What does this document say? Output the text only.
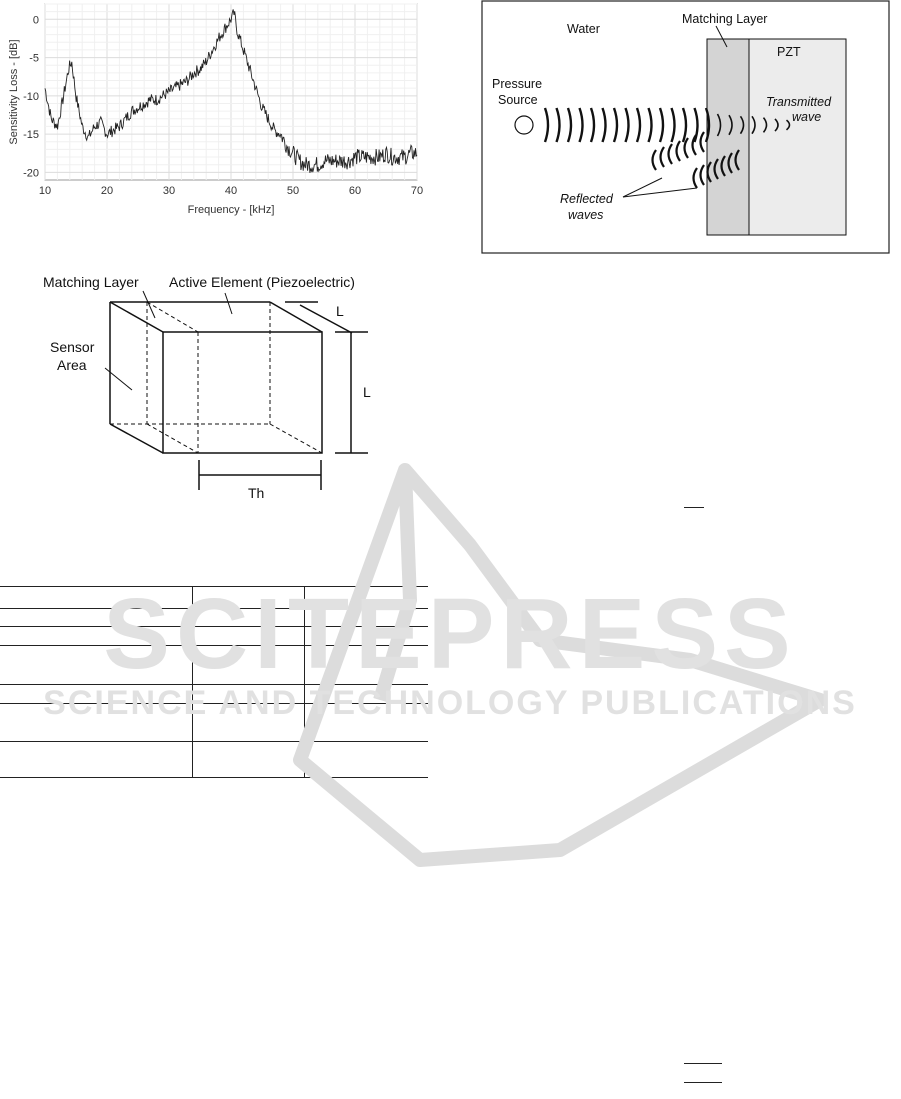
10	20	30	40	50	60	70
0
-5
-10
-15
-20
Frequency - [kHz]
Sensitivity Loss - [dB]
Matching Layer Active Element (Piezoelectric)
Sensor
Area
L
L
Th
Water
Matching Layer
PZT
Pressure
Source	Transmitted
wave
Reflected
waves
SCITEPRESS
SCIENCE AND TECHNOLOGY PUBLICATIONS
